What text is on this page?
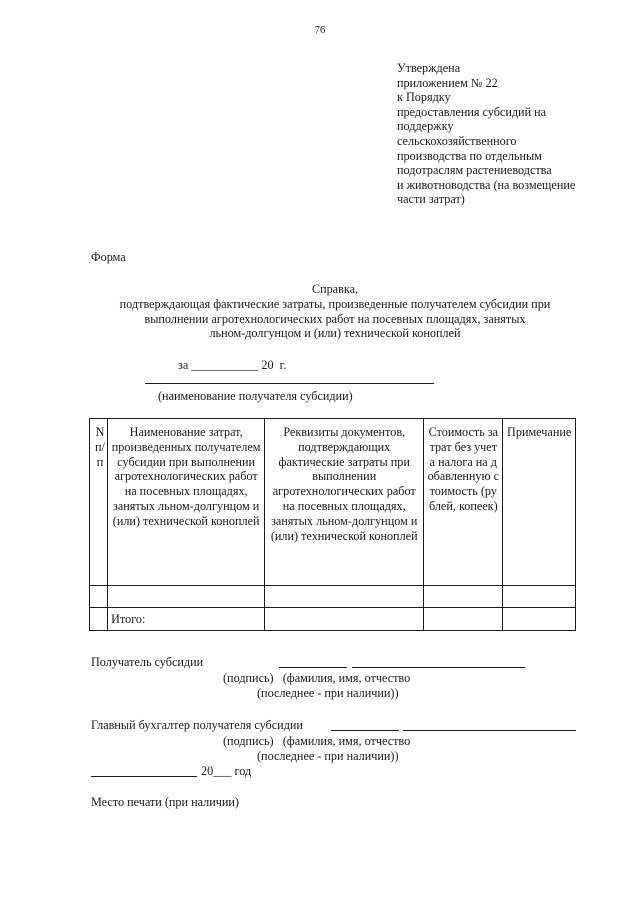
76
Утверждена
приложением № 22
к Порядку
предоставления субсидий на
поддержку
сельскохозяйственного
производства по отдельным
подотраслям растениеводства
и животноводства (на возмещение
части затрат)
Форма
Справка,
подтверждающая фактические затраты, произведенные получателем субсидии при
выполнении агротехнологических работ на посевных площадях, занятых
льном-долгунцом и (или) технической коноплей
за ___________ 20 г.
(наименование получателя субсидии)
N п/п	Наименование затрат, произведенных получателем субсидии при выполнении агротехнологических работ на посевных площадях, занятых льном-долгунцом и (или) технической коноплей	Реквизиты документов, подтверждающих фактические затраты при выполнении агротехнологических работ на посевных площадях, занятых льном-долгунцом и (или) технической коноплей	Стоимость затрат без учета налога на добавленную стоимость (рублей, копеек)	Примечание

	Итого:			
Получатель субсидии
(подпись) (фамилия, имя, отчество
(последнее - при наличии))
Главный бухгалтер получателя субсидии
(подпись) (фамилия, имя, отчество
(последнее - при наличии))
20___ год
Место печати (при наличии)
